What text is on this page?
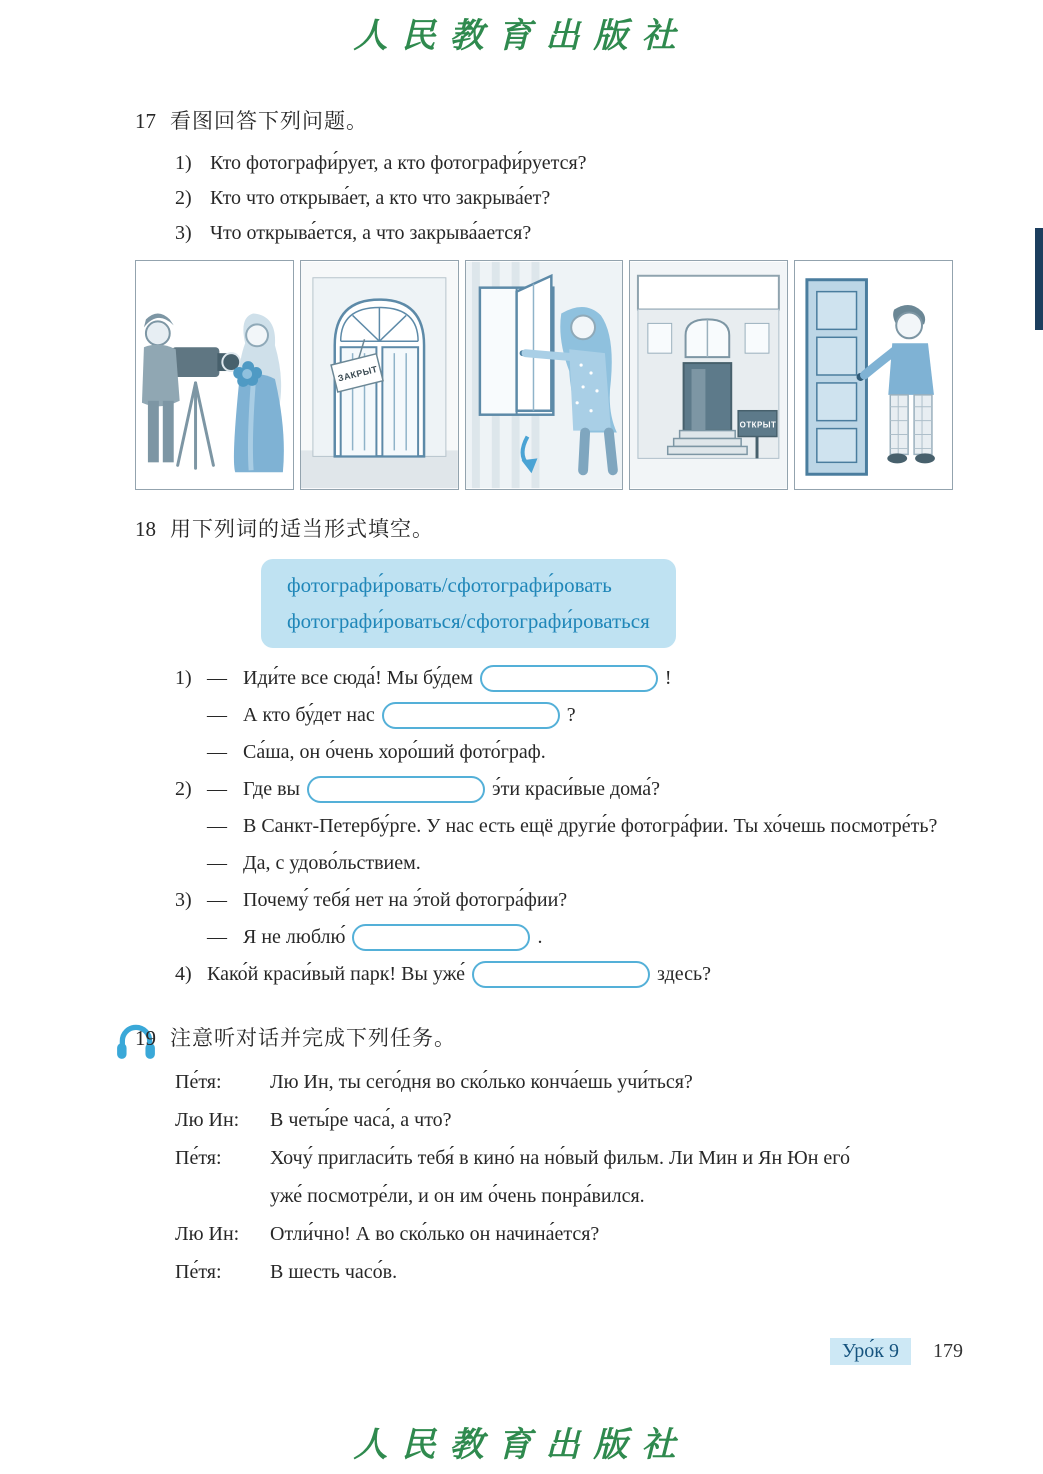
人民教育出版社
17 看图回答下列问题。
1) Кто фотографи́рует, а кто фотографи́руется?
2) Кто что открыва́ет, а кто что закрыва́ет?
3) Что открыва́ется, а что закрыва́ается?
ЗАКРЫТ
ОТКРЫТ
18 用下列词的适当形式填空。
фотографи́ровать/сфотографи́ровать
фотографи́роваться/сфотографи́роваться
1) — Иди́те все сюда́! Мы бу́дем	!
— А кто бу́дет нас	?
— Са́ша, он о́чень хоро́ший фото́граф.
2) — Где вы	э́ти краси́вые дома́?
— В Санкт-Петербу́рге. У нас есть ещё други́е фотогра́фии. Ты хо́чешь посмотре́ть?
— Да, с удово́льствием.
3) — Почему́ тебя́ нет на э́той фотогра́фии?
— Я не люблю́	.
4) Како́й краси́вый парк! Вы уже́	здесь?
19 注意听对话并完成下列任务。
Пе́тя:	Лю Ин, ты сего́дня во ско́лько конча́ешь учи́ться?
Лю Ин:	В четы́ре часа́, а что?
Пе́тя:	Хочу́ пригласи́ть тебя́ в кино́ на но́вый фильм. Ли Мин и Ян Юн его́ уже́ посмотре́ли, и он им о́чень понра́вился.
Лю Ин:	Отли́чно! А во ско́лько он начина́ется?
Пе́тя:	В шесть часо́в.
Уро́к 9	179
人民教育出版社
